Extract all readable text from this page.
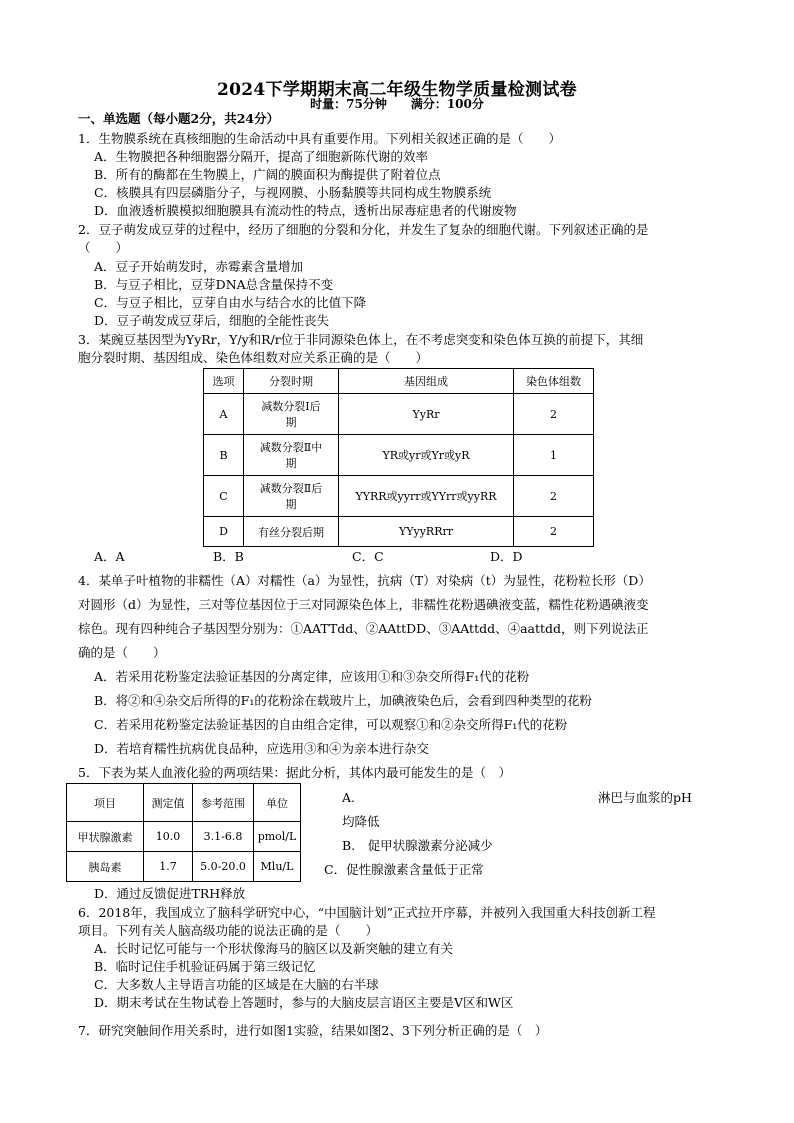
2024下学期期末高二年级生物学质量检测试卷
时量：75分钟　　满分：100分
一、单选题（每小题2分，共24分）
1．生物膜系统在真核细胞的生命活动中具有重要作用。下列相关叙述正确的是（　　）
A．生物膜把各种细胞器分隔开，提高了细胞新陈代谢的效率
B．所有的酶都在生物膜上，广阔的膜面积为酶提供了附着位点
C．核膜具有四层磷脂分子，与视网膜、小肠黏膜等共同构成生物膜系统
D．血液透析膜模拟细胞膜具有流动性的特点，透析出尿毒症患者的代谢废物
2．豆子萌发成豆芽的过程中，经历了细胞的分裂和分化，并发生了复杂的细胞代谢。下列叙述正确的是
（　　）
A．豆子开始萌发时，赤霉素含量增加
B．与豆子相比，豆芽DNA总含量保持不变
C．与豆子相比，豆芽自由水与结合水的比值下降
D．豆子萌发成豆芽后，细胞的全能性丧失
3．某豌豆基因型为YyRr，Y/y和R/r位于非同源染色体上，在不考虑突变和染色体互换的前提下，其细
胞分裂时期、基因组成、染色体组数对应关系正确的是（　　）
选项	分裂时期	基因组成	染色体组数
A	减数分裂Ⅰ后
期	YyRr	2
B	减数分裂Ⅱ中
期	YR或yr或Yr或yR	1
C	减数分裂Ⅱ后
期	YYRR或yyrr或YYrr或yyRR	2
D	有丝分裂后期	YYyyRRrr	2
A．A	B．B	C．C	D．D
4．某单子叶植物的非糯性（A）对糯性（a）为显性，抗病（T）对染病（t）为显性，花粉粒长形（D）
对圆形（d）为显性，三对等位基因位于三对同源染色体上，非糯性花粉遇碘液变蓝，糯性花粉遇碘液变
棕色。现有四种纯合子基因型分别为：①AATTdd、②AAttDD、③AAttdd、④aattdd，则下列说法正
确的是（　　）
A．若采用花粉鉴定法验证基因的分离定律，应该用①和③杂交所得F₁代的花粉
B．将②和④杂交后所得的F₁的花粉涂在载玻片上，加碘液染色后，会看到四种类型的花粉
C．若采用花粉鉴定法验证基因的自由组合定律，可以观察①和②杂交所得F₁代的花粉
D．若培育糯性抗病优良品种，应选用③和④为亲本进行杂交
5．下表为某人血液化验的两项结果：据此分析，其体内最可能发生的是（　）
项目	测定值	参考范围	单位
甲状腺激素	10.0	3.1-6.8	pmol/L
胰岛素	1.7	5.0-20.0	Mlu/L
A.	淋巴与血浆的pH
均降低
B.　促甲状腺激素分泌减少
C．促性腺激素含量低于正常
D．通过反馈促进TRH释放
6．2018年，我国成立了脑科学研究中心，“中国脑计划”正式拉开序幕，并被列入我国重大科技创新工程
项目。下列有关人脑高级功能的说法正确的是（　　）
A．长时记忆可能与一个形状像海马的脑区以及新突触的建立有关
B．临时记住手机验证码属于第三级记忆
C．大多数人主导语言功能的区域是在大脑的右半球
D．期末考试在生物试卷上答题时，参与的大脑皮层言语区主要是V区和W区
7．研究突触间作用关系时，进行如图1实验，结果如图2、3下列分析正确的是（　）
